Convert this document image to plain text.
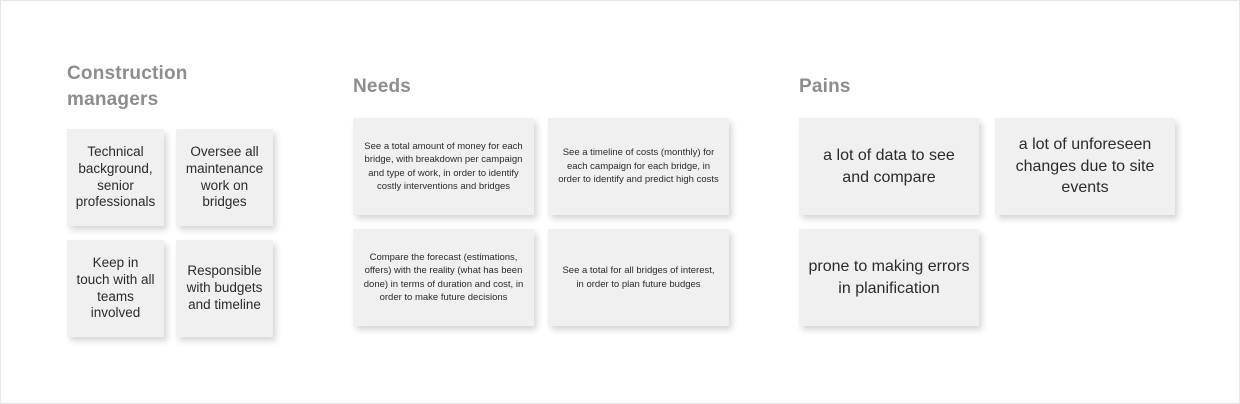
Construction managers
Technical background, senior professionals
Oversee all maintenance work on bridges
Keep in touch with all teams involved
Responsible with budgets and timeline
Needs
See a total amount of money for each bridge, with breakdown per campaign and type of work, in order to identify costly interventions and bridges
See a timeline of costs (monthly) for each campaign for each bridge, in order to identify and predict high costs
Compare the forecast (estimations, offers) with the reality (what has been done) in terms of duration and cost, in order to make future decisions
See a total for all bridges of interest, in order to plan future budges
Pains
a lot of data to see and compare
a lot of unforeseen changes due to site events
prone to making errors in planification
